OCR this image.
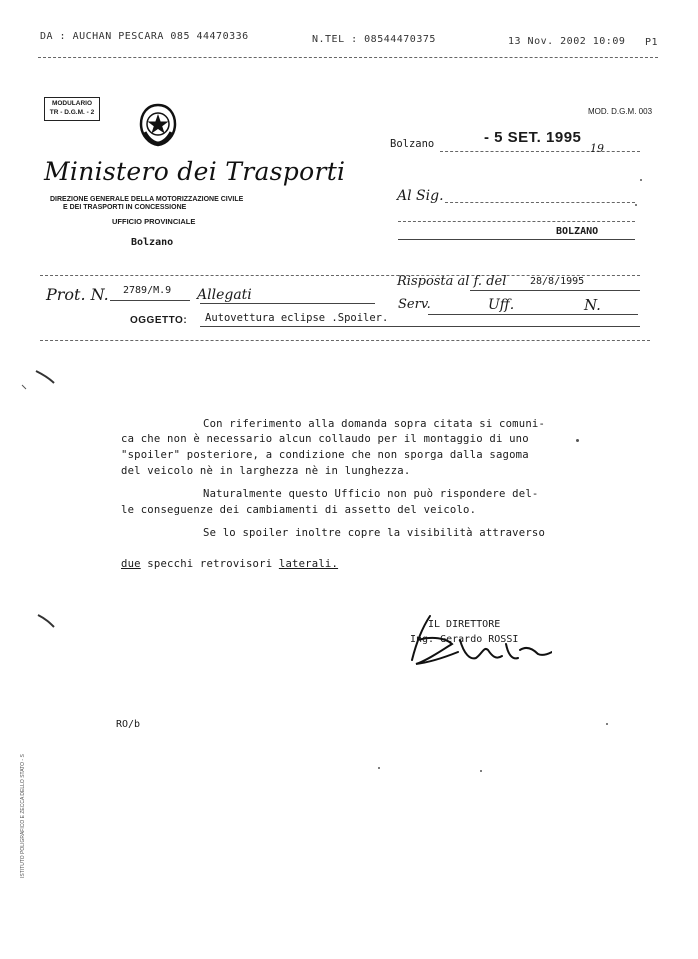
DA : AUCHAN PESCARA 085 44470336	N.TEL : 08544470375	13 Nov. 2002 10:09 P1
MODULARIO
TR - D.G.M. - 2	MOD. D.G.M. 003
Ministero dei Trasporti
DIREZIONE GENERALE DELLA MOTORIZZAZIONE CIVILE
E DEI TRASPORTI IN CONCESSIONE
UFFICIO PROVINCIALE
Bolzano
Bolzano	- 5 SET. 1995
19
Al Sig.
BOLZANO
Prot. N. 2789/M.9 Allegati
Risposta al f. del 28/8/1995
Serv.	Uff.	N.
OGGETTO: Autovettura eclipse .Spoiler.
Con riferimento alla domanda sopra citata si comuni-
ca che non è necessario alcun collaudo per il montaggio di uno
"spoiler" posteriore, a condizione che non sporga dalla sagoma
del veicolo nè in larghezza nè in lunghezza.
Naturalmente questo Ufficio non può rispondere del-
le conseguenze dei cambiamenti di assetto del veicolo.
Se lo spoiler inoltre copre la visibilità attraverso
due specchi retrovisori laterali.
IL DIRETTORE
Ing. Gerardo ROSSI
RO/b
ISTITUTO POLIGRAFICO E ZECCA DELLO STATO - S
